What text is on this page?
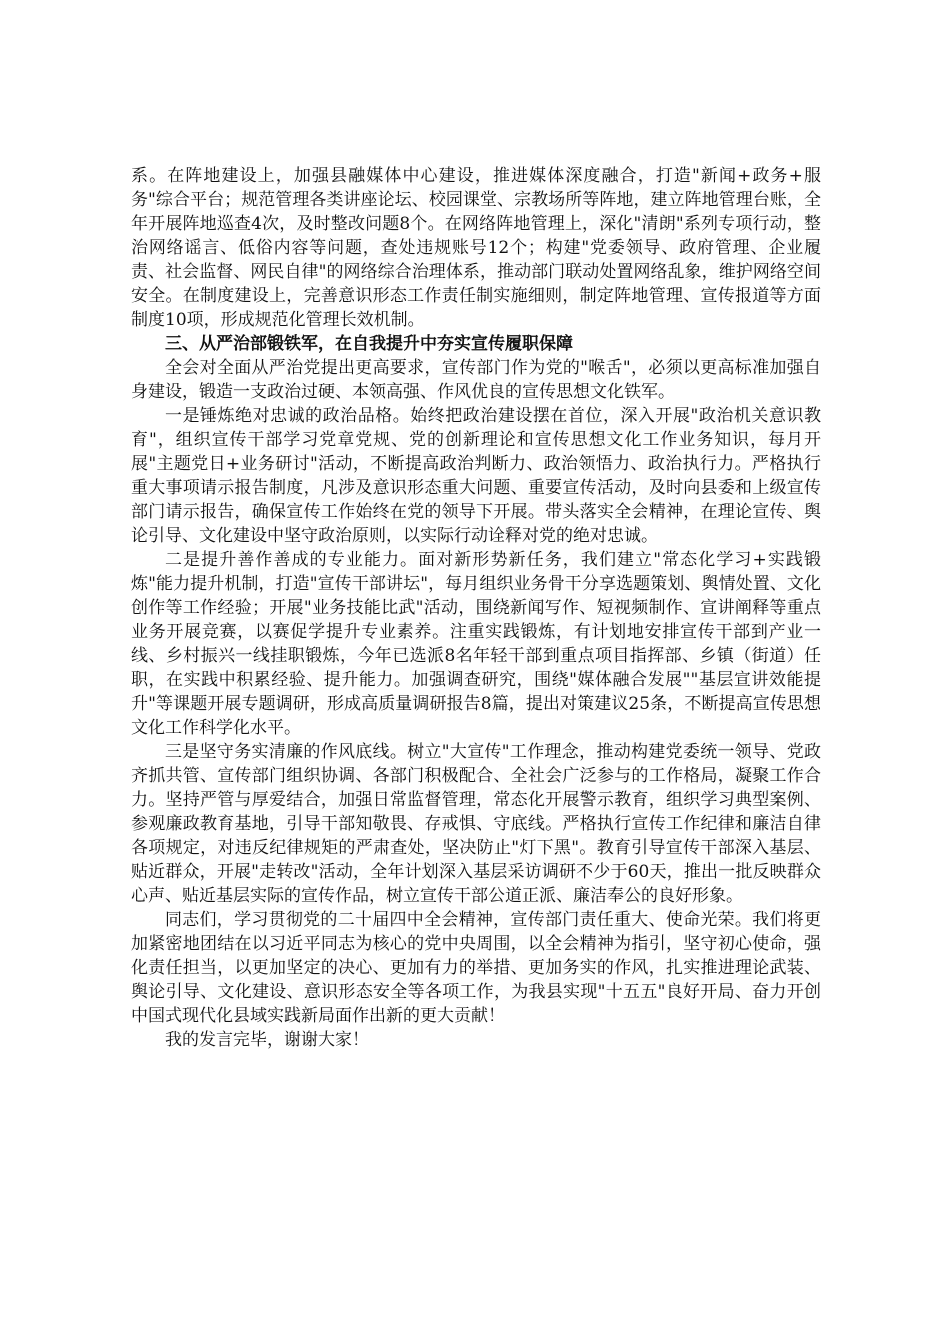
系。在阵地建设上，加强县融媒体中心建设，推进媒体深度融合，打造"新闻+政务+服务"综合平台；规范管理各类讲座论坛、校园课堂、宗教场所等阵地，建立阵地管理台账，全年开展阵地巡查4次，及时整改问题8个。在网络阵地管理上，深化"清朗"系列专项行动，整治网络谣言、低俗内容等问题，查处违规账号12个；构建"党委领导、政府管理、企业履责、社会监督、网民自律"的网络综合治理体系，推动部门联动处置网络乱象，维护网络空间安全。在制度建设上，完善意识形态工作责任制实施细则，制定阵地管理、宣传报道等方面制度10项，形成规范化管理长效机制。

三、从严治部锻铁军，在自我提升中夯实宣传履职保障

全会对全面从严治党提出更高要求，宣传部门作为党的"喉舌"，必须以更高标准加强自身建设，锻造一支政治过硬、本领高强、作风优良的宣传思想文化铁军。

一是锤炼绝对忠诚的政治品格。始终把政治建设摆在首位，深入开展"政治机关意识教育"，组织宣传干部学习党章党规、党的创新理论和宣传思想文化工作业务知识，每月开展"主题党日+业务研讨"活动，不断提高政治判断力、政治领悟力、政治执行力。严格执行重大事项请示报告制度，凡涉及意识形态重大问题、重要宣传活动，及时向县委和上级宣传部门请示报告，确保宣传工作始终在党的领导下开展。带头落实全会精神，在理论宣传、舆论引导、文化建设中坚守政治原则，以实际行动诠释对党的绝对忠诚。

二是提升善作善成的专业能力。面对新形势新任务，我们建立"常态化学习+实践锻炼"能力提升机制，打造"宣传干部讲坛"，每月组织业务骨干分享选题策划、舆情处置、文化创作等工作经验；开展"业务技能比武"活动，围绕新闻写作、短视频制作、宣讲阐释等重点业务开展竞赛，以赛促学提升专业素养。注重实践锻炼，有计划地安排宣传干部到产业一线、乡村振兴一线挂职锻炼，今年已选派8名年轻干部到重点项目指挥部、乡镇（街道）任职，在实践中积累经验、提升能力。加强调查研究，围绕"媒体融合发展""基层宣讲效能提升"等课题开展专题调研，形成高质量调研报告8篇，提出对策建议25条，不断提高宣传思想文化工作科学化水平。

三是坚守务实清廉的作风底线。树立"大宣传"工作理念，推动构建党委统一领导、党政齐抓共管、宣传部门组织协调、各部门积极配合、全社会广泛参与的工作格局，凝聚工作合力。坚持严管与厚爱结合，加强日常监督管理，常态化开展警示教育，组织学习典型案例、参观廉政教育基地，引导干部知敬畏、存戒惧、守底线。严格执行宣传工作纪律和廉洁自律各项规定，对违反纪律规矩的严肃查处，坚决防止"灯下黑"。教育引导宣传干部深入基层、贴近群众，开展"走转改"活动，全年计划深入基层采访调研不少于60天，推出一批反映群众心声、贴近基层实际的宣传作品，树立宣传干部公道正派、廉洁奉公的良好形象。

同志们，学习贯彻党的二十届四中全会精神，宣传部门责任重大、使命光荣。我们将更加紧密地团结在以习近平同志为核心的党中央周围，以全会精神为指引，坚守初心使命，强化责任担当，以更加坚定的决心、更加有力的举措、更加务实的作风，扎实推进理论武装、舆论引导、文化建设、意识形态安全等各项工作，为我县实现"十五五"良好开局、奋力开创中国式现代化县域实践新局面作出新的更大贡献！

我的发言完毕，谢谢大家！
